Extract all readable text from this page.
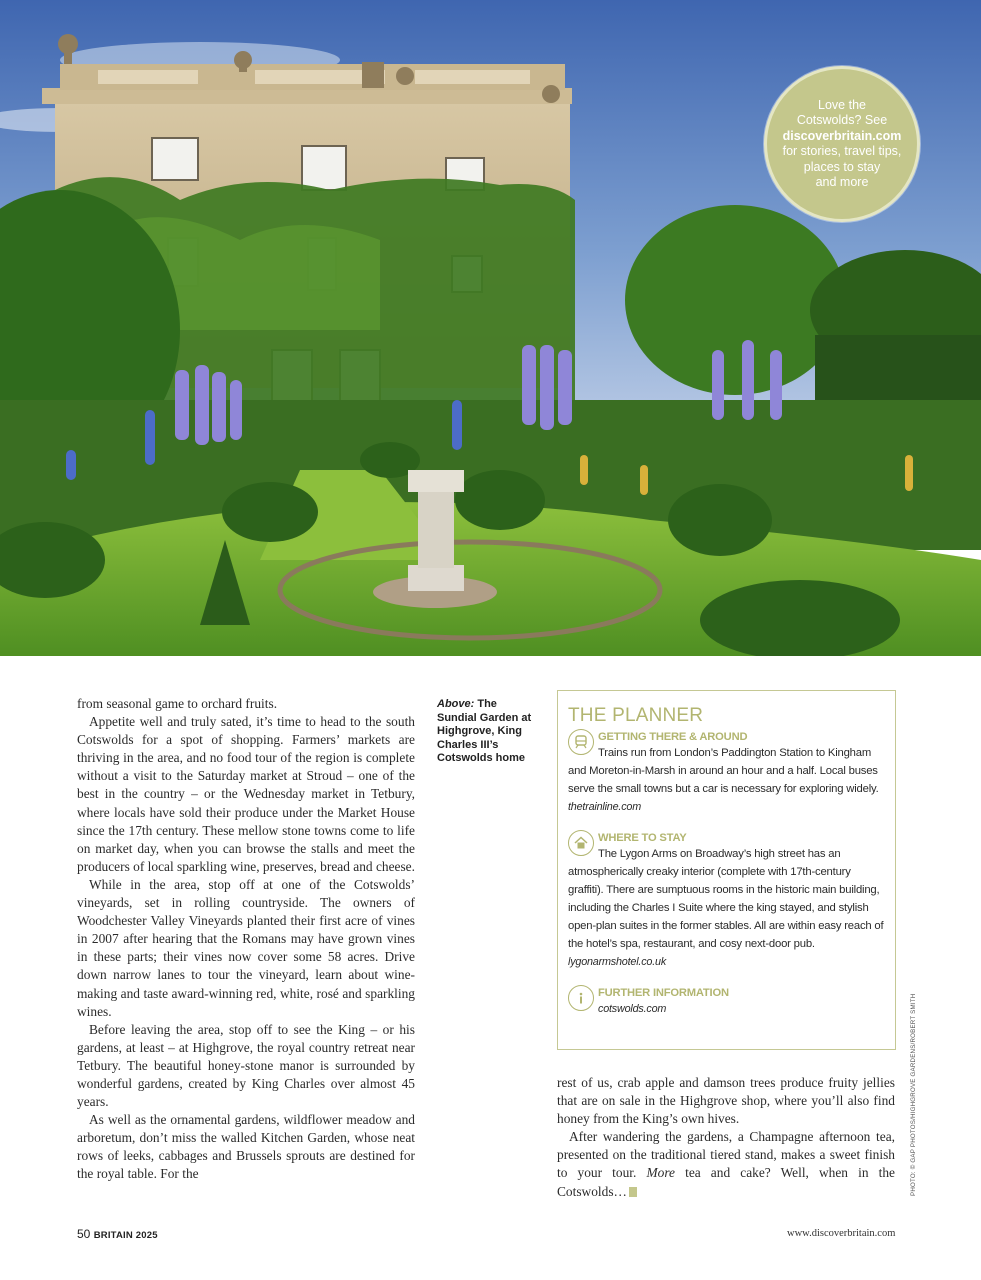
Love the
Cotswolds? See
discoverbritain.com
for stories, travel tips,
places to stay
and more

from seasonal game to orchard fruits.

Appetite well and truly sated, it’s time to head to the south Cotswolds for a spot of shopping. Farmers’ markets are thriving in the area, and no food tour of the region is complete without a visit to the Saturday market at Stroud – one of the best in the country – or the Wednesday market in Tetbury, where locals have sold their produce under the Market House since the 17th century. These mellow stone towns come to life on market day, when you can browse the stalls and meet the producers of local sparkling wine, preserves, bread and cheese.

While in the area, stop off at one of the Cotswolds’ vineyards, set in rolling countryside. The owners of Woodchester Valley Vineyards planted their first acre of vines in 2007 after hearing that the Romans may have grown vines in these parts; their vines now cover some 58 acres. Drive down narrow lanes to tour the vineyard, learn about wine-making and taste award-winning red, white, rosé and sparkling wines.

Before leaving the area, stop off to see the King – or his gardens, at least – at Highgrove, the royal country retreat near Tetbury. The beautiful honey-stone manor is surrounded by wonderful gardens, created by King Charles over almost 45 years.

As well as the ornamental gardens, wildflower meadow and arboretum, don’t miss the walled Kitchen Garden, whose neat rows of leeks, cabbages and Brussels sprouts are destined for the royal table. For the

Above: The Sundial Garden at Highgrove, King Charles III’s Cotswolds home
THE PLANNER
GETTING THERE & AROUND
Trains run from London’s Paddington Station to Kingham
and Moreton-in-Marsh in around an hour and a half. Local buses serve the small towns but a car is necessary for exploring widely.
thetrainline.com
WHERE TO STAY
The Lygon Arms on Broadway’s high street has an
atmospherically creaky interior (complete with 17th-century graffiti). There are sumptuous rooms in the historic main building, including the Charles I Suite where the king stayed, and stylish open-plan suites in the former stables. All are within easy reach of the hotel’s spa, restaurant, and cosy next-door pub.
lygonarmshotel.co.uk
FURTHER INFORMATION
cotswolds.com

rest of us, crab apple and damson trees produce fruity jellies that are on sale in the Highgrove shop, where you’ll also find honey from the King’s own hives.

After wandering the gardens, a Champagne afternoon tea, presented on the traditional tiered stand, makes a sweet finish to your tour. More tea and cake? Well, when in the Cotswolds…	PHOTO: © GAP PHOTOS/HIGHGROVE GARDENS/ROBERT SMITH
50 BRITAIN 2025	www.discoverbritain.com
